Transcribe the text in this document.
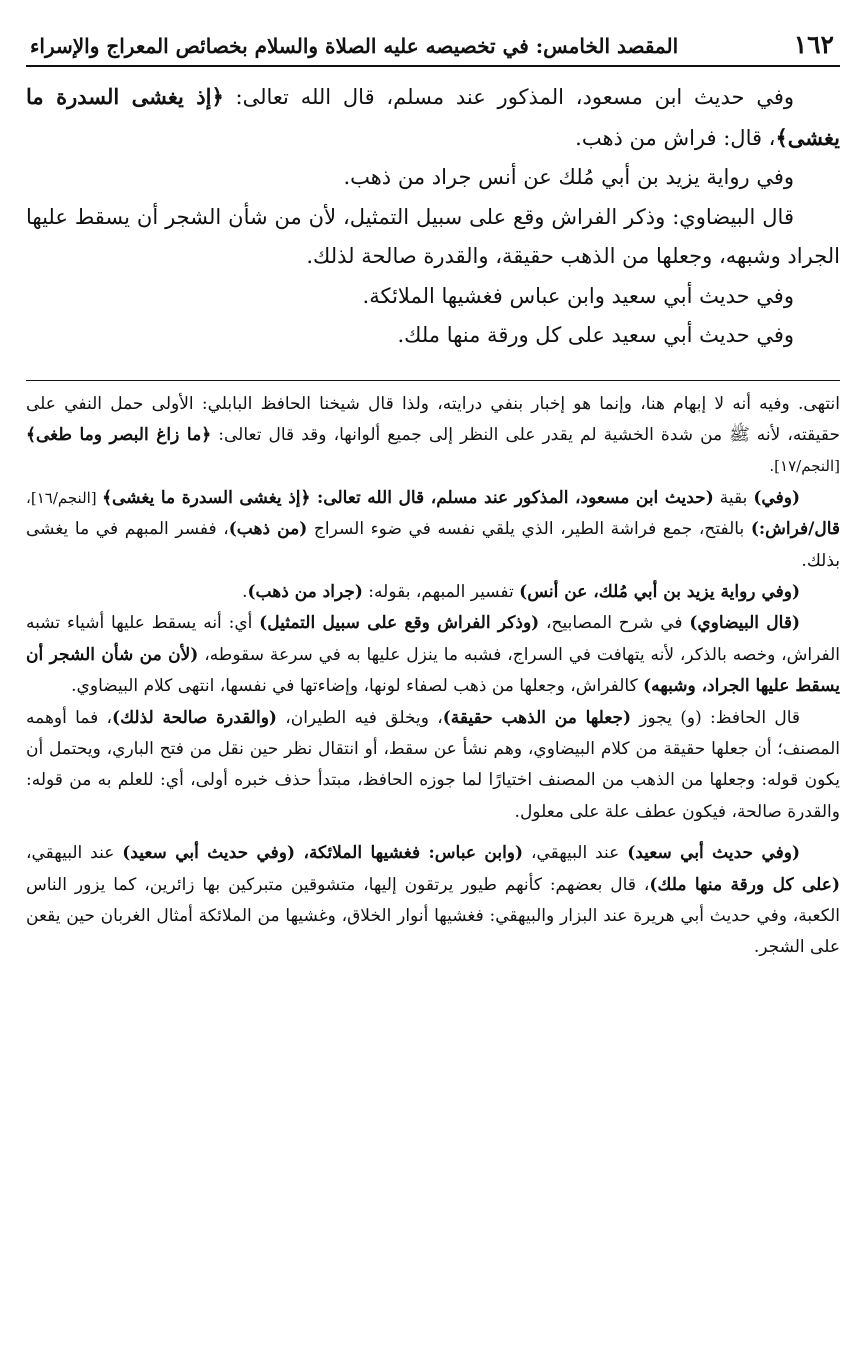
١٦٢
المقصد الخامس: في تخصيصه عليه الصلاة والسلام بخصائص المعراج والإسراء

وفي حديث ابن مسعود، المذكور عند مسلم، قال الله تعالى: ﴿إذ يغشى السدرة ما يغشى﴾، قال: فراش من ذهب.

وفي رواية يزيد بن أبي مُلك عن أنس جراد من ذهب.

قال البيضاوي: وذكر الفراش وقع على سبيل التمثيل، لأن من شأن الشجر أن يسقط عليها الجراد وشبهه، وجعلها من الذهب حقيقة، والقدرة صالحة لذلك.

وفي حديث أبي سعيد وابن عباس فغشيها الملائكة.

وفي حديث أبي سعيد على كل ورقة منها ملك.

انتهى. وفيه أنه لا إبهام هنا، وإنما هو إخبار بنفي درايته، ولذا قال شيخنا الحافظ البابلي: الأولى حمل النفي على حقيقته، لأنه ﷺ من شدة الخشية لم يقدر على النظر إلى جميع ألوانها، وقد قال تعالى: ﴿ما زاغ البصر وما طغى﴾ [النجم/١٧].

(وفي) بقية (حديث ابن مسعود، المذكور عند مسلم، قال الله تعالى: ﴿إذ يغشى السدرة ما يغشى﴾ [النجم/١٦]، قال/فراش:) بالفتح، جمع فراشة الطير، الذي يلقي نفسه في ضوء السراج (من ذهب)، ففسر المبهم في ما يغشى بذلك.

(وفي رواية يزيد بن أبي مُلك، عن أنس) تفسير المبهم، بقوله: (جراد من ذهب).

(قال البيضاوي) في شرح المصابيح، (وذكر الفراش وقع على سبيل التمثيل) أي: أنه يسقط عليها أشياء تشبه الفراش، وخصه بالذكر، لأنه يتهافت في السراج، فشبه ما ينزل عليها به في سرعة سقوطه، (لأن من شأن الشجر أن يسقط عليها الجراد، وشبهه) كالفراش، وجعلها من ذهب لصفاء لونها، وإضاءتها في نفسها، انتهى كلام البيضاوي.

قال الحافظ: (و) يجوز (جعلها من الذهب حقيقة)، ويخلق فيه الطيران، (والقدرة صالحة لذلك)، فما أوهمه المصنف؛ أن جعلها حقيقة من كلام البيضاوي، وهم نشأ عن سقط، أو انتقال نظر حين نقل من فتح الباري، ويحتمل أن يكون قوله: وجعلها من الذهب من المصنف اختيارًا لما جوزه الحافظ، مبتدأ حذف خبره أولى، أي: للعلم به من قوله: والقدرة صالحة، فيكون عطف علة على معلول.

(وفي حديث أبي سعيد) عند البيهقي، (وابن عباس: فغشيها الملائكة، (وفي حديث أبي سعيد) عند البيهقي، (على كل ورقة منها ملك)، قال بعضهم: كأنهم طيور يرتقون إليها، متشوقين متبركين بها زائرين، كما يزور الناس الكعبة، وفي حديث أبي هريرة عند البزار والبيهقي: فغشيها أنوار الخلاق، وغشيها من الملائكة أمثال الغربان حين يقعن على الشجر.
